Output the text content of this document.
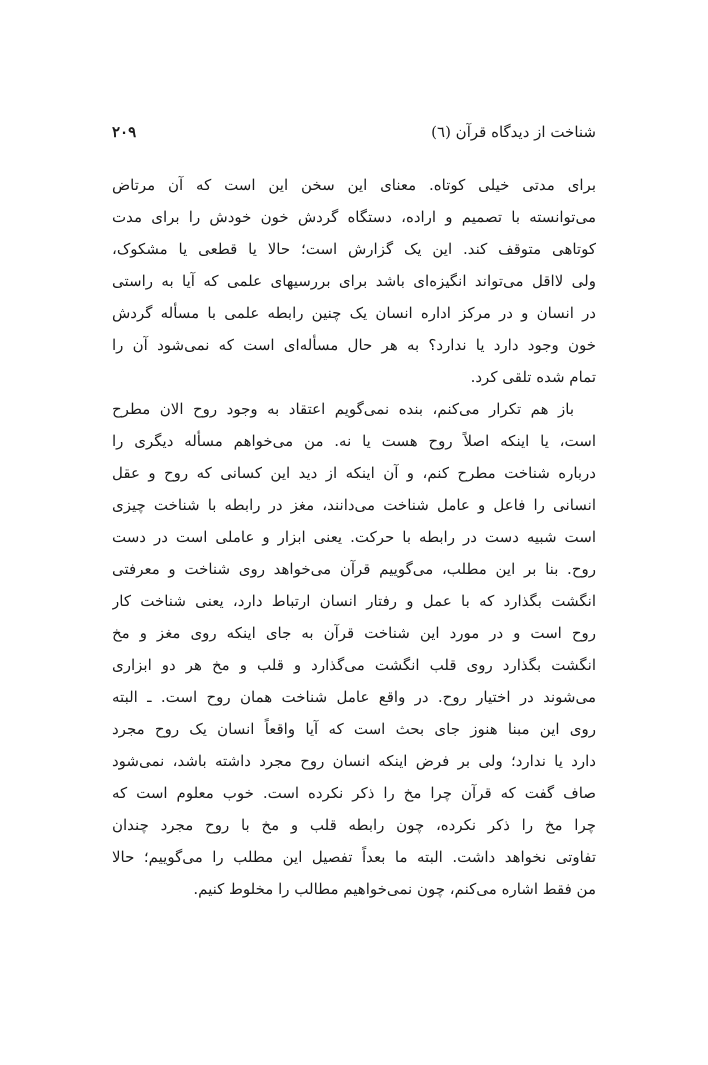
شناخت از دیدگاه قرآن (٦)
۲۰۹
برای مدتی خیلی کوتاه. معنای این سخن این است که آن مرتاض
می‌توانسته با تصمیم و اراده، دستگاه گردش خون خودش را برای مدت
کوتاهی متوقف کند. این یک گزارش است؛ حالا یا قطعی یا مشکوک،
ولی لااقل می‌تواند انگیزه‌ای باشد برای بررسیهای علمی که آیا به راستی
در انسان و در مرکز اداره انسان یک چنین رابطه علمی با مسأله گردش
خون وجود دارد یا ندارد؟ به هر حال مسأله‌ای است که نمی‌شود آن را
تمام شده تلقی کرد.
باز هم تکرار می‌کنم، بنده نمی‌گویم اعتقاد به وجود روح الان مطرح
است، یا اینکه اصلاً روح هست یا نه. من می‌خواهم مسأله دیگری را
درباره شناخت مطرح کنم، و آن اینکه از دید این کسانی که روح و عقل
انسانی را فاعل و عامل شناخت می‌دانند، مغز در رابطه با شناخت چیزی
است شبیه دست در رابطه با حرکت. یعنی ابزار و عاملی است در دست
روح. بنا بر این مطلب، می‌گوییم قرآن می‌خواهد روی شناخت و معرفتی
انگشت بگذارد که با عمل و رفتار انسان ارتباط دارد، یعنی شناخت کار
روح است و در مورد این شناخت قرآن به جای اینکه روی مغز و مخ
انگشت بگذارد روی قلب انگشت می‌گذارد و قلب و مخ هر دو ابزاری
می‌شوند در اختیار روح. در واقع عامل شناخت همان روح است. ـ البته
روی این مبنا هنوز جای بحث است که آیا واقعاً انسان یک روح مجرد
دارد یا ندارد؛ ولی بر فرض اینکه انسان روح مجرد داشته باشد، نمی‌شود
صاف گفت که قرآن چرا مخ را ذکر نکرده است. خوب معلوم است که
چرا مخ را ذکر نکرده، چون رابطه قلب و مخ با روح مجرد چندان
تفاوتی نخواهد داشت. البته ما بعداً تفصیل این مطلب را می‌گوییم؛ حالا
من فقط اشاره می‌کنم، چون نمی‌خواهیم مطالب را مخلوط کنیم.
